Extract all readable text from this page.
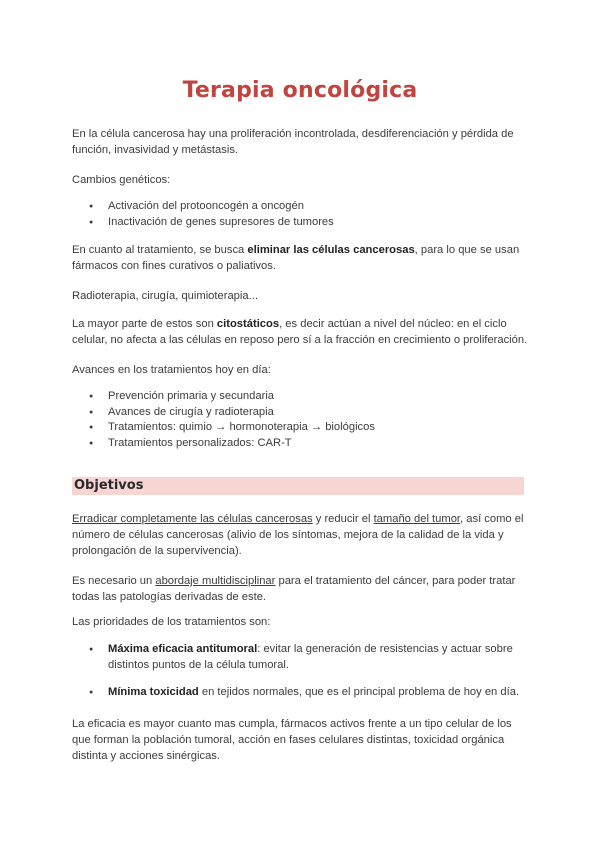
Terapia oncológica
En la célula cancerosa hay una proliferación incontrolada, desdiferenciación y pérdida de función, invasividad y metástasis.
Cambios genéticos:
● Activación del protooncogén a oncogén
● Inactivación de genes supresores de tumores
En cuanto al tratamiento, se busca eliminar las células cancerosas, para lo que se usan fármacos con fines curativos o paliativos.
Radioterapia, cirugía, quimioterapia...
La mayor parte de estos son citostáticos, es decir actúan a nivel del núcleo: en el ciclo celular, no afecta a las células en reposo pero sí a la fracción en crecimiento o proliferación.
Avances en los tratamientos hoy en día:
● Prevención primaria y secundaria
● Avances de cirugía y radioterapia
● Tratamientos: quimio → hormonoterapia → biológicos
● Tratamientos personalizados: CAR-T
Objetivos
Erradicar completamente las células cancerosas y reducir el tamaño del tumor, así como el número de células cancerosas (alivio de los síntomas, mejora de la calidad de la vida y prolongación de la supervivencia).
Es necesario un abordaje multidisciplinar para el tratamiento del cáncer, para poder tratar todas las patologías derivadas de este.
Las prioridades de los tratamientos son:
● Máxima eficacia antitumoral: evitar la generación de resistencias y actuar sobre distintos puntos de la célula tumoral.
● Mínima toxicidad en tejidos normales, que es el principal problema de hoy en día.
La eficacia es mayor cuanto mas cumpla, fármacos activos frente a un tipo celular de los que forman la población tumoral, acción en fases celulares distintas, toxicidad orgánica distinta y acciones sinérgicas.
